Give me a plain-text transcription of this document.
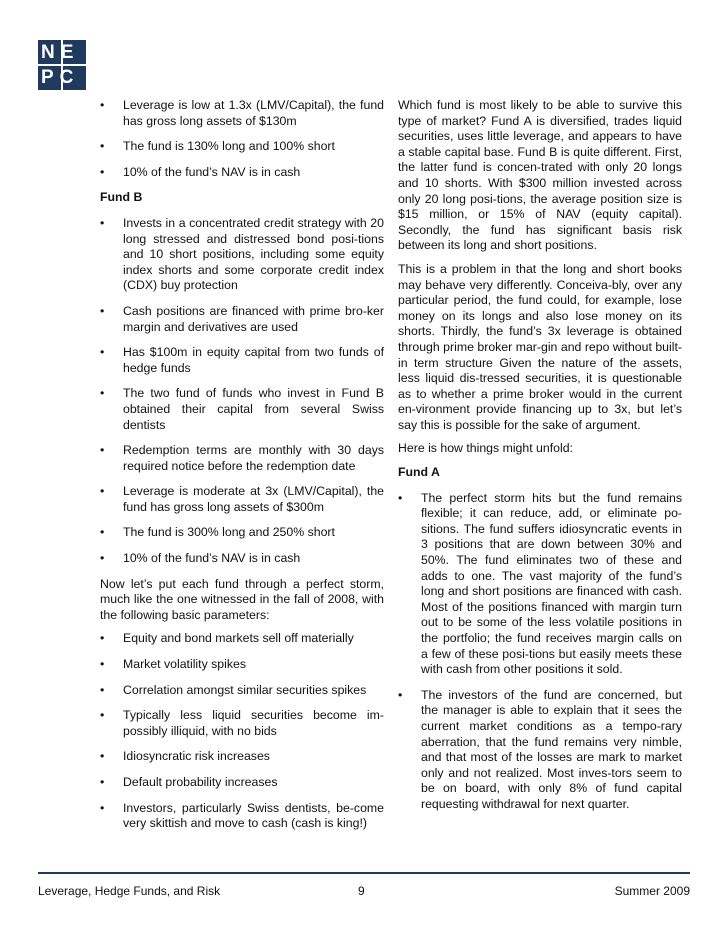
NE
PC
• Leverage is low at 1.3x (LMV/Capital), the fund has gross long assets of $130m
• The fund is 130% long and 100% short
• 10% of the fund’s NAV is in cash
Fund B
• Invests in a concentrated credit strategy with 20 long stressed and distressed bond posi-tions and 10 short positions, including some equity index shorts and some corporate credit index (CDX) buy protection
• Cash positions are financed with prime bro-ker margin and derivatives are used
• Has $100m in equity capital from two funds of hedge funds
• The two fund of funds who invest in Fund B obtained their capital from several Swiss dentists
• Redemption terms are monthly with 30 days required notice before the redemption date
• Leverage is moderate at 3x (LMV/Capital), the fund has gross long assets of $300m
• The fund is 300% long and 250% short
• 10% of the fund’s NAV is in cash
Now let’s put each fund through a perfect storm, much like the one witnessed in the fall of 2008, with the following basic parameters:
• Equity and bond markets sell off materially
• Market volatility spikes
• Correlation amongst similar securities spikes
• Typically less liquid securities become im-possibly illiquid, with no bids
• Idiosyncratic risk increases
• Default probability increases
• Investors, particularly Swiss dentists, be-come very skittish and move to cash (cash is king!)
Which fund is most likely to be able to survive this type of market? Fund A is diversified, trades liquid securities, uses little leverage, and appears to have a stable capital base. Fund B is quite different. First, the latter fund is concen-trated with only 20 longs and 10 shorts. With $300 million invested across only 20 long posi-tions, the average position size is $15 million, or 15% of NAV (equity capital). Secondly, the fund has significant basis risk between its long and short positions.
This is a problem in that the long and short books may behave very differently. Conceiva-bly, over any particular period, the fund could, for example, lose money on its longs and also lose money on its shorts. Thirdly, the fund’s 3x leverage is obtained through prime broker mar-gin and repo without built-in term structure Given the nature of the assets, less liquid dis-tressed securities, it is questionable as to whether a prime broker would in the current en-vironment provide financing up to 3x, but let’s say this is possible for the sake of argument.
Here is how things might unfold:
Fund A
• The perfect storm hits but the fund remains flexible; it can reduce, add, or eliminate po-sitions. The fund suffers idiosyncratic events in 3 positions that are down between 30% and 50%. The fund eliminates two of these and adds to one. The vast majority of the fund’s long and short positions are financed with cash. Most of the positions financed with margin turn out to be some of the less volatile positions in the portfolio; the fund receives margin calls on a few of these posi-tions but easily meets these with cash from other positions it sold.
• The investors of the fund are concerned, but the manager is able to explain that it sees the current market conditions as a tempo-rary aberration, that the fund remains very nimble, and that most of the losses are mark to market only and not realized. Most inves-tors seem to be on board, with only 8% of fund capital requesting withdrawal for next quarter.
Leverage, Hedge Funds, and Risk	9	Summer 2009
